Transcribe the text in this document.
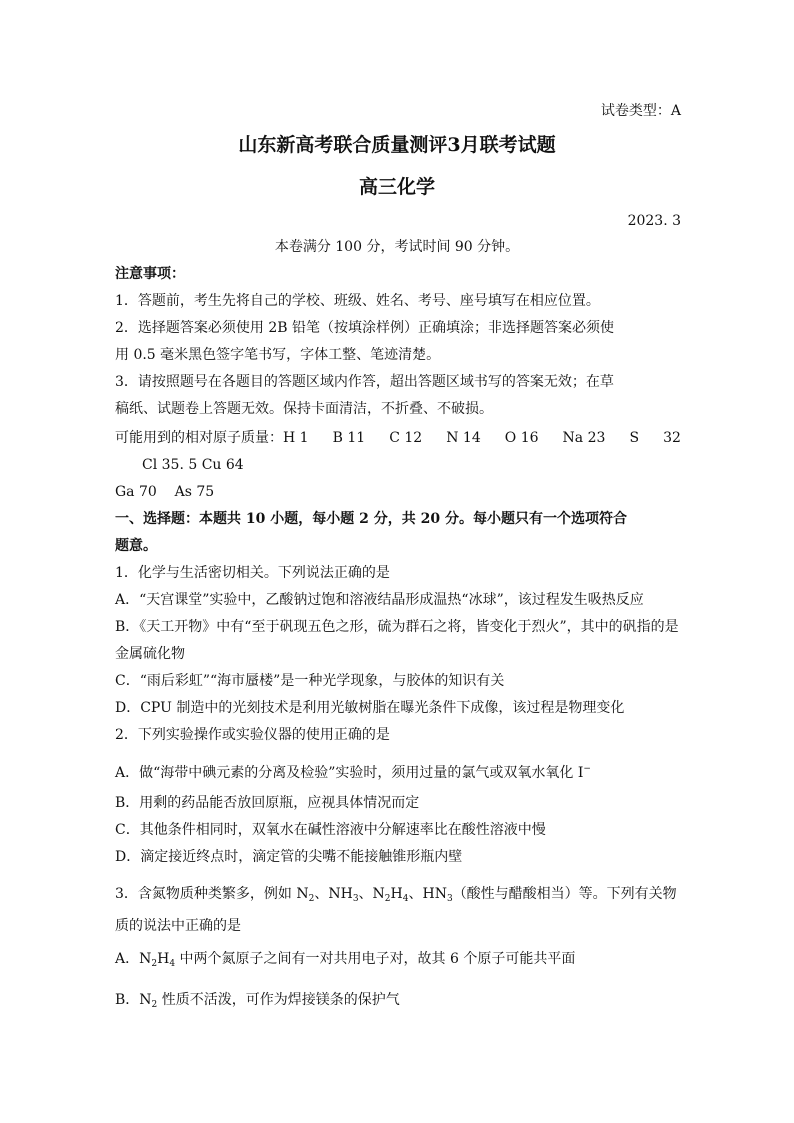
试卷类型：A
山东新高考联合质量测评3月联考试题
高三化学
2023. 3
本卷满分 100 分，考试时间 90 分钟。
注意事项：
1．答题前，考生先将自己的学校、班级、姓名、考号、座号填写在相应位置。
2．选择题答案必须使用 2B 铅笔（按填涂样例）正确填涂；非选择题答案必须使
用 0.5 毫米黑色签字笔书写，字体工整、笔迹清楚。
3．请按照题号在各题目的答题区域内作答，超出答题区域书写的答案无效；在草
稿纸、试题卷上答题无效。保持卡面清洁，不折叠、不破损。
可能用到的相对原子质量：H 1 B 11 C 12 N 14 O 16 Na 23 S 32
Cl 35. 5 Cu 64
Ga 70    As 75
一、选择题：本题共 10 小题，每小题 2 分，共 20 分。每小题只有一个选项符合
题意。
1．化学与生活密切相关。下列说法正确的是
A．“天宫课堂”实验中，乙酸钠过饱和溶液结晶形成温热“冰球”，该过程发生吸热反应
B．《天工开物》中有“至于矾现五色之形，硫为群石之将，皆变化于烈火”，其中的矾指的是
金属硫化物
C．“雨后彩虹”“海市蜃楼”是一种光学现象，与胶体的知识有关
D．CPU 制造中的光刻技术是利用光敏树脂在曝光条件下成像，该过程是物理变化
2．下列实验操作或实验仪器的使用正确的是
A．做“海带中碘元素的分离及检验”实验时，须用过量的氯气或双氧水氧化 I−
B．用剩的药品能否放回原瓶，应视具体情况而定
C．其他条件相同时，双氧水在碱性溶液中分解速率比在酸性溶液中慢
D．滴定接近终点时，滴定管的尖嘴不能接触锥形瓶内壁
3．含氮物质种类繁多，例如 $N_2$、$NH_3$、$N_2H_4$、$HN_3$（酸性与醋酸相当）等。下列有关物
质的说法中正确的是
A．$N_2H_4$ 中两个氮原子之间有一对共用电子对，故其 6 个原子可能共平面
B．$N_2$ 性质不活泼，可作为焊接镁条的保护气
